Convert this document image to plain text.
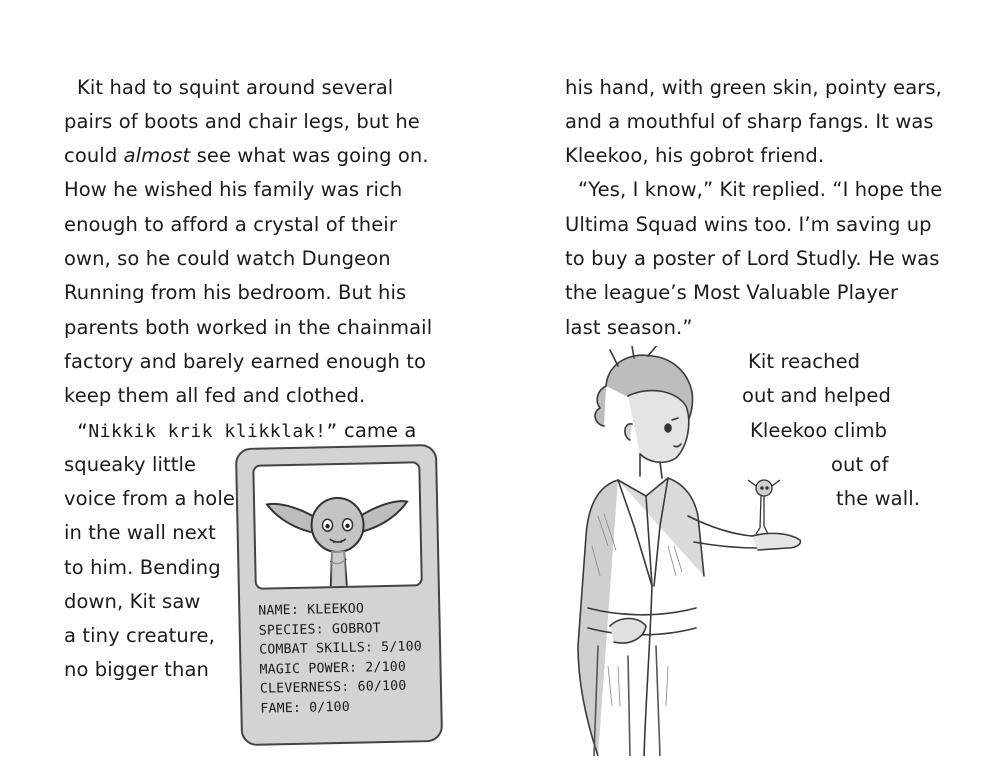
Kit had to squint around several
pairs of boots and chair legs, but he
could almost see what was going on.
How he wished his family was rich
enough to afford a crystal of their
own, so he could watch Dungeon
Running from his bedroom. But his
parents both worked in the chainmail
factory and barely earned enough to
keep them all fed and clothed.
“Nikkik krik klikklak!” came a
squeaky little
voice from a hole
in the wall next
to him. Bending
down, Kit saw
a tiny creature,
no bigger than
his hand, with green skin, pointy ears,
and a mouthful of sharp fangs. It was
Kleekoo, his gobrot friend.
“Yes, I know,” Kit replied. “I hope the
Ultima Squad wins too. I’m saving up
to buy a poster of Lord Studly. He was
the league’s Most Valuable Player
last season.”
Kit reached
out and helped
Kleekoo climb
out of
the wall.
NAME: KLEEKOO
SPECIES: GOBROT
COMBAT SKILLS: 5/100
MAGIC POWER: 2/100
CLEVERNESS: 60/100
FAME: 0/100
